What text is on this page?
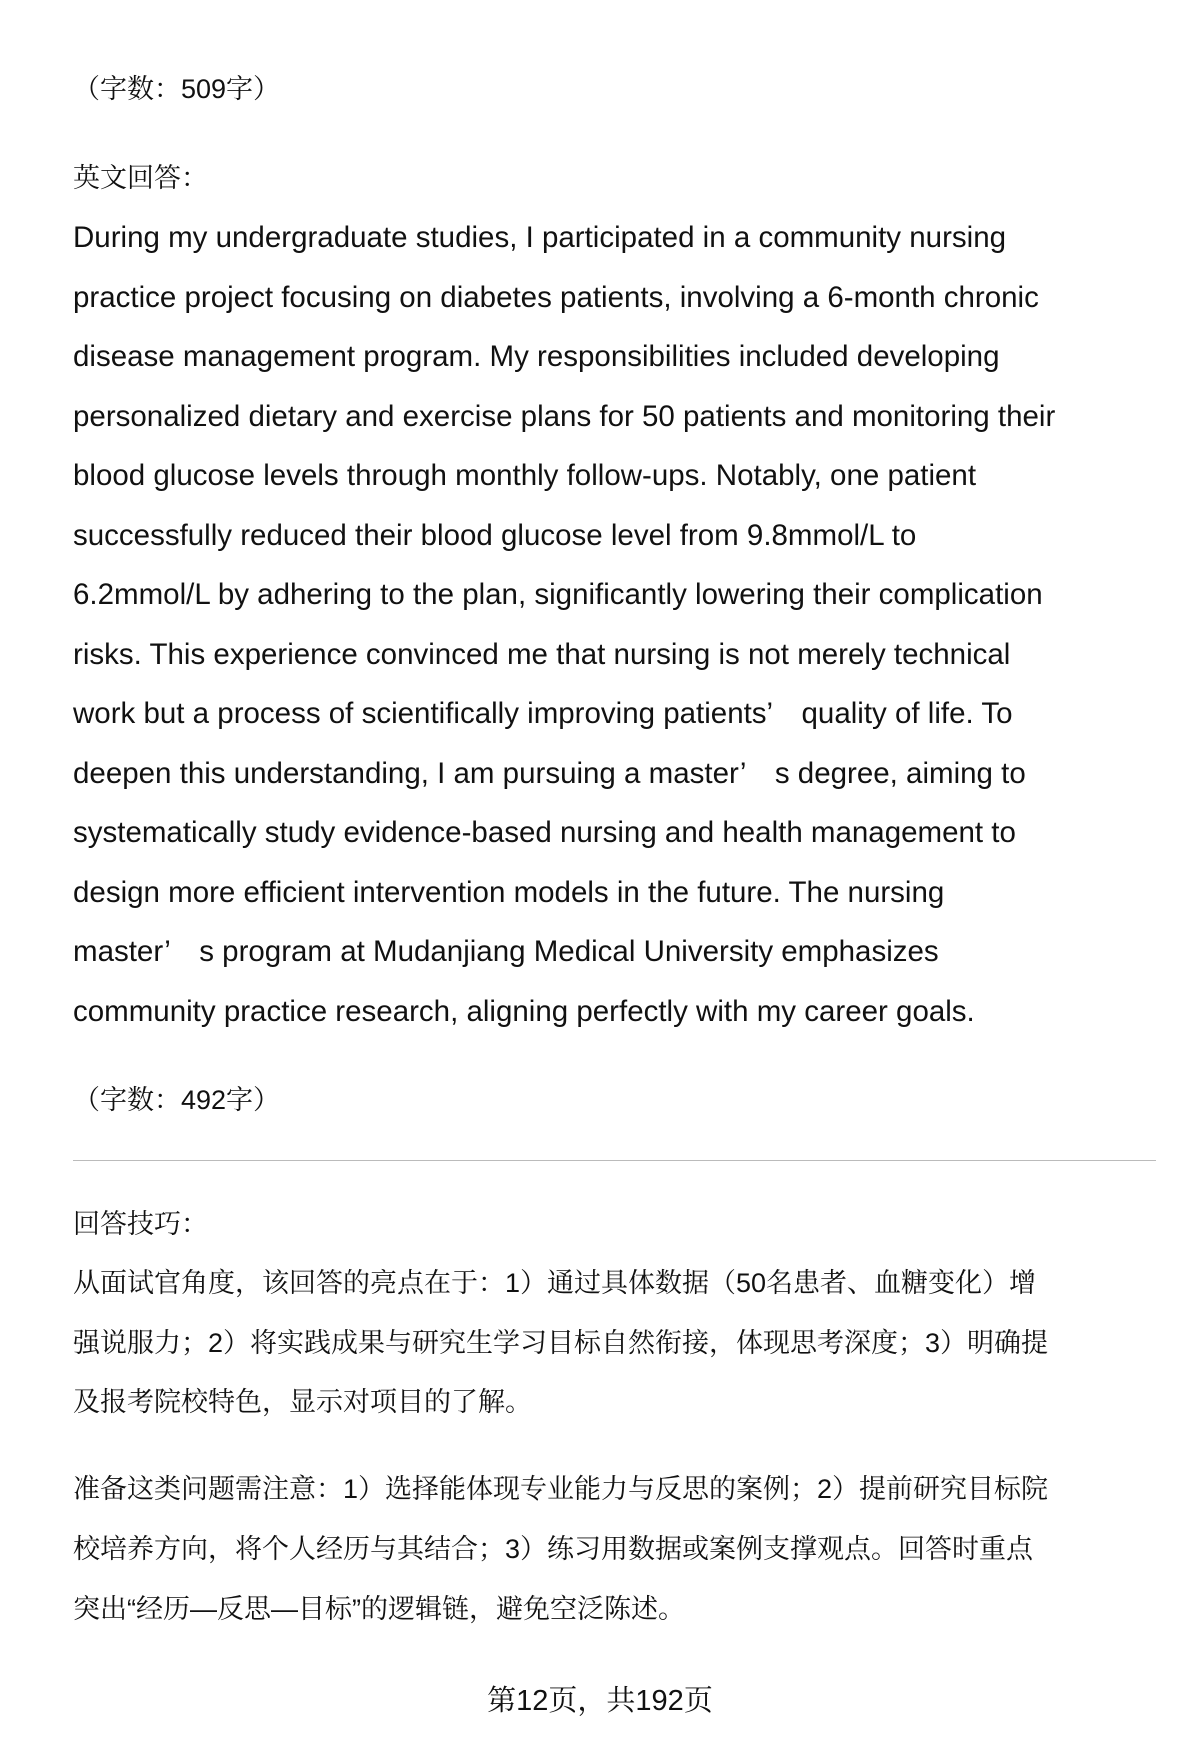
（字数：509字）
英文回答：
During my undergraduate studies, I participated in a community nursing
practice project focusing on diabetes patients, involving a 6-month chronic
disease management program. My responsibilities included developing
personalized dietary and exercise plans for 50 patients and monitoring their
blood glucose levels through monthly follow-ups. Notably, one patient
successfully reduced their blood glucose level from 9.8mmol/L to
6.2mmol/L by adhering to the plan, significantly lowering their complication
risks. This experience convinced me that nursing is not merely technical
work but a process of scientifically improving patients’　quality of life. To
deepen this understanding, I am pursuing a master’　s degree, aiming to
systematically study evidence-based nursing and health management to
design more efficient intervention models in the future. The nursing
master’　s program at Mudanjiang Medical University emphasizes
community practice research, aligning perfectly with my career goals.
（字数：492字）
回答技巧：
从面试官角度，该回答的亮点在于：1）通过具体数据（50名患者、血糖变化）增
强说服力；2）将实践成果与研究生学习目标自然衔接，体现思考深度；3）明确提
及报考院校特色，显示对项目的了解。
准备这类问题需注意：1）选择能体现专业能力与反思的案例；2）提前研究目标院
校培养方向，将个人经历与其结合；3）练习用数据或案例支撑观点。回答时重点
突出“经历—反思—目标”的逻辑链，避免空泛陈述。
第12页，共192页
